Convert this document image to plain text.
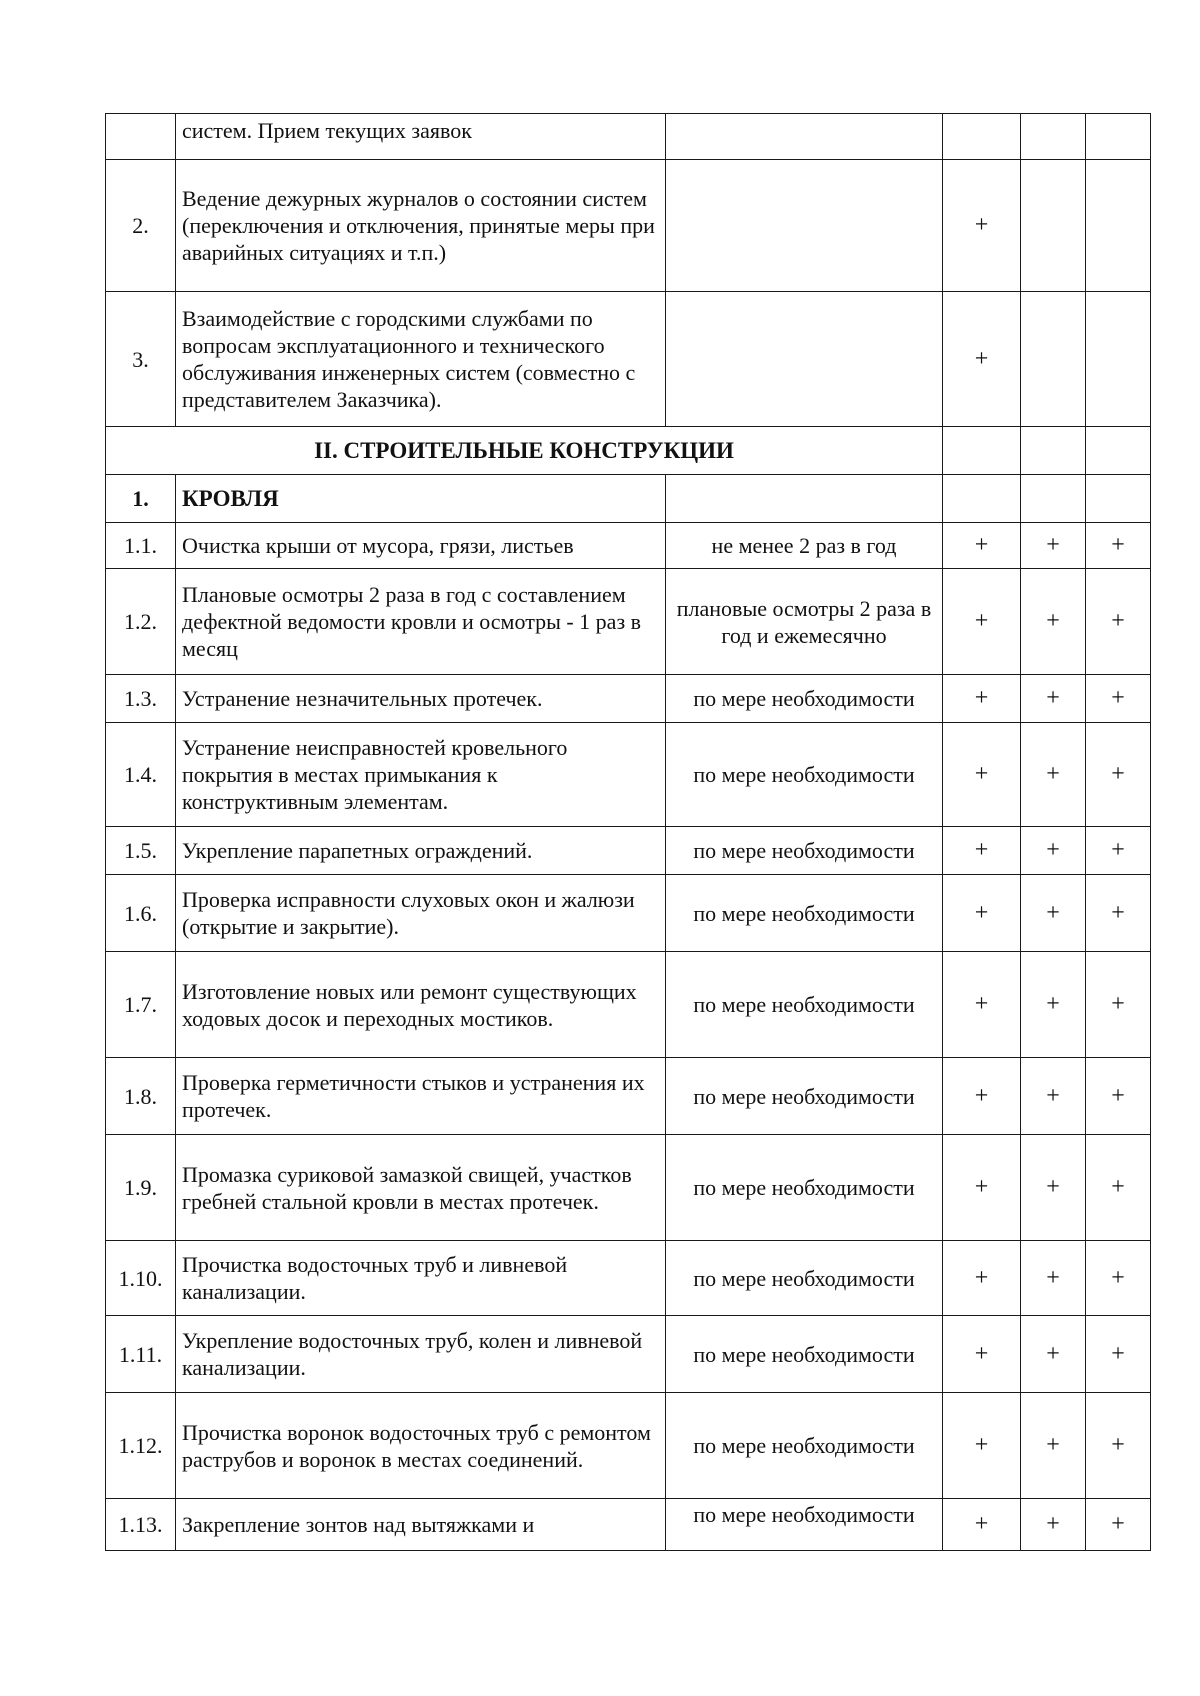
	систем. Прием текущих заявок				
2.	Ведение дежурных журналов о состоянии систем (переключения и отключения, принятые меры при аварийных ситуациях и т.п.)		+		
3.	Взаимодействие с городскими службами по вопросам эксплуатационного и технического обслуживания инженерных систем (совместно с представителем Заказчика).		+		
II. СТРОИТЕЛЬНЫЕ КОНСТРУКЦИИ					
1.	КРОВЛЯ				
1.1.	Очистка крыши от мусора, грязи, листьев	не менее 2 раз в год	+	+	+
1.2.	Плановые осмотры 2 раза в год с составлением дефектной ведомости кровли и осмотры - 1 раз в месяц	плановые осмотры 2 раза в год и ежемесячно	+	+	+
1.3.	Устранение незначительных протечек.	по мере необходимости	+	+	+
1.4.	Устранение неисправностей кровельного покрытия в местах примыкания к конструктивным элементам.	по мере необходимости	+	+	+
1.5.	Укрепление парапетных ограждений.	по мере необходимости	+	+	+
1.6.	Проверка исправности слуховых окон и жалюзи (открытие и закрытие).	по мере необходимости	+	+	+
1.7.	Изготовление новых или ремонт существующих ходовых досок и переходных мостиков.	по мере необходимости	+	+	+
1.8.	Проверка герметичности стыков и устранения их протечек.	по мере необходимости	+	+	+
1.9.	Промазка суриковой замазкой свищей, участков гребней стальной кровли в местах протечек.	по мере необходимости	+	+	+
1.10.	Прочистка водосточных труб и ливневой канализации.	по мере необходимости	+	+	+
1.11.	Укрепление водосточных труб, колен и ливневой канализации.	по мере необходимости	+	+	+
1.12.	Прочистка воронок водосточных труб с ремонтом раструбов и воронок в местах соединений.	по мере необходимости	+	+	+
1.13.	Закрепление зонтов над вытяжками и	по мере необходимости	+	+	+
